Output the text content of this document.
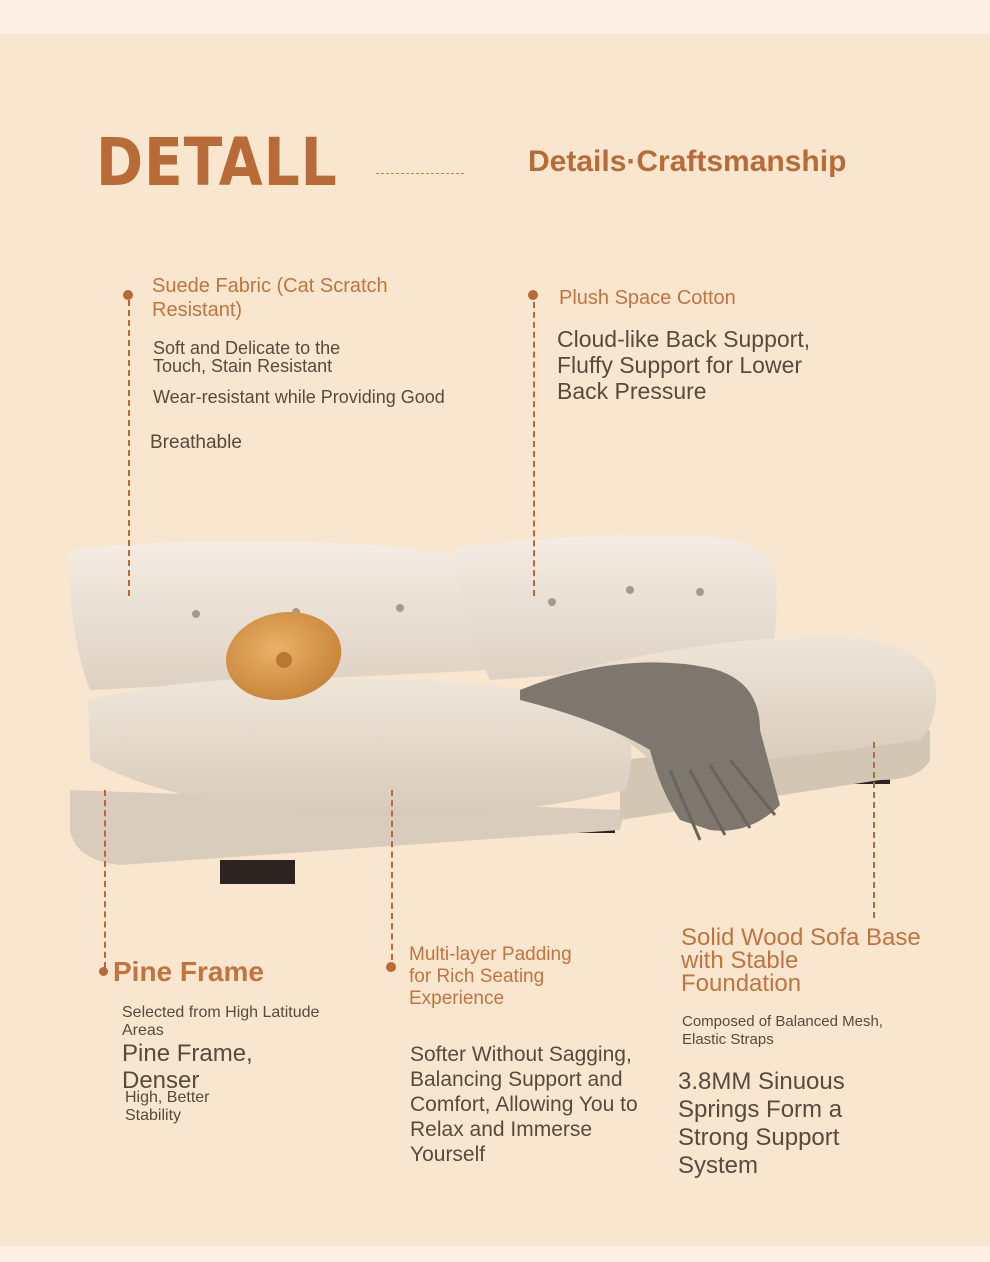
DETALL	Details·Craftsmanship
Suede Fabric (Cat Scratch Resistant)
Soft and Delicate to the Touch, Stain Resistant
Wear-resistant while Providing Good
Breathable
Plush Space Cotton
Cloud-like Back Support, Fluffy Support for Lower Back Pressure
Pine Frame
Selected from High Latitude Areas
Pine Frame, Denser
High, Better Stability
Multi-layer Padding for Rich Seating Experience
Softer Without Sagging, Balancing Support and Comfort, Allowing You to Relax and Immerse Yourself
Solid Wood Sofa Base with Stable Foundation
Composed of Balanced Mesh, Elastic Straps
3.8MM Sinuous Springs Form a Strong Support System
